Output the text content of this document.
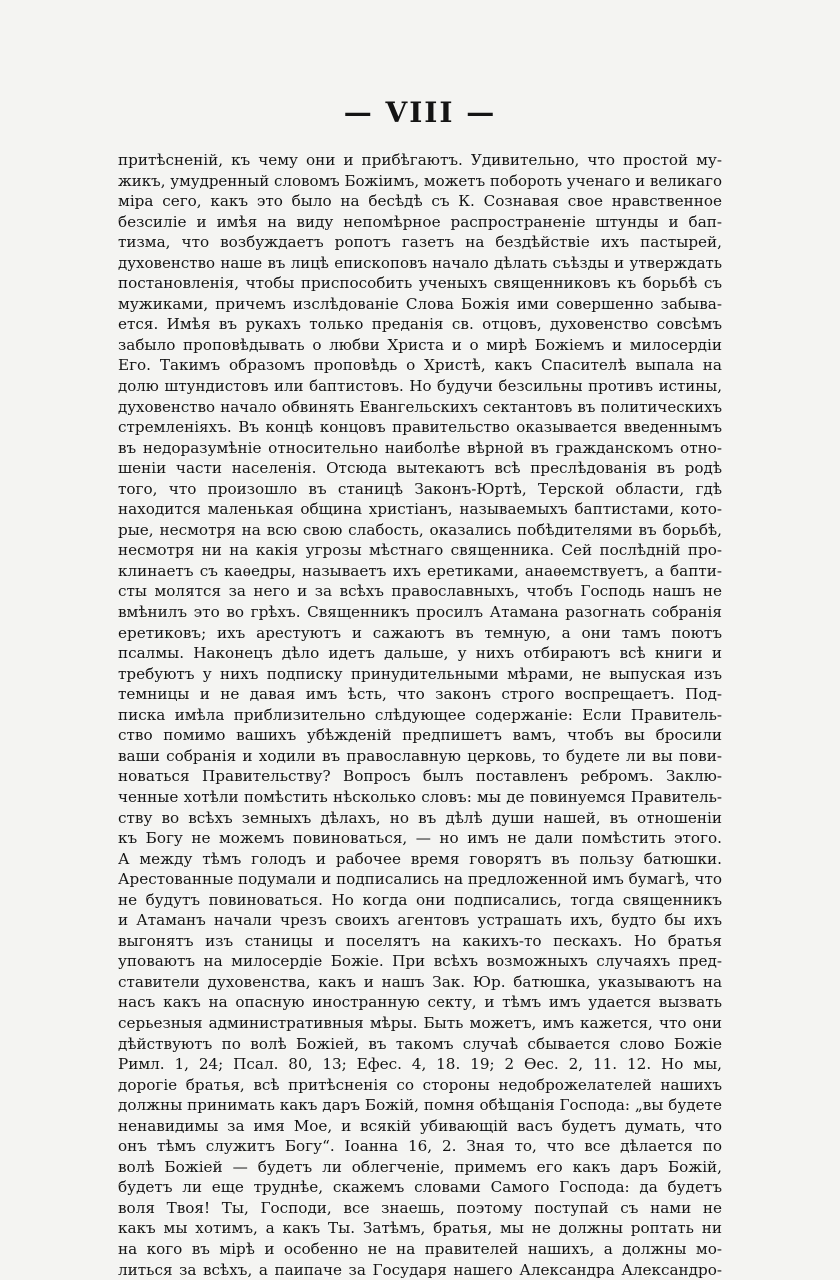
— VIII —
притѣсненій, къ чему они и прибѣгаютъ. Удивительно, что простой му-
жикъ, умудренный словомъ Божіимъ, можетъ побороть ученаго и великаго
міра сего, какъ это было на бесѣдѣ съ К. Сознавая свое нравственное
безсиліе и имѣя на виду непомѣрное распространеніе штунды и бап-
тизма, что возбуждаетъ ропотъ газетъ на бездѣйствіе ихъ пастырей,
духовенство наше въ лицѣ епископовъ начало дѣлать съѣзды и утверждать
постановленія, чтобы приспособить ученыхъ священниковъ къ борьбѣ съ
мужиками, причемъ изслѣдованіе Слова Божія ими совершенно забыва-
ется. Имѣя въ рукахъ только преданія св. отцовъ, духовенство совсѣмъ
забыло проповѣдывать о любви Христа и о мирѣ Божіемъ и милосердіи
Его. Такимъ образомъ проповѣдь о Христѣ, какъ Спасителѣ выпала на
долю штундистовъ или баптистовъ. Но будучи безсильны противъ истины,
духовенство начало обвинять Евангельскихъ сектантовъ въ политическихъ
стремленіяхъ. Въ концѣ концовъ правительство оказывается введеннымъ
въ недоразумѣніе относительно наиболѣе вѣрной въ гражданскомъ отно-
шеніи части населенія. Отсюда вытекаютъ всѣ преслѣдованія въ родѣ
того, что произошло въ станицѣ Законъ-Юртѣ, Терской области, гдѣ
находится маленькая община христіанъ, называемыхъ баптистами, кото-
рые, несмотря на всю свою слабость, оказались побѣдителями въ борьбѣ,
несмотря ни на какія угрозы мѣстнаго священника. Сей послѣдній про-
клинаетъ съ каѳедры, называетъ ихъ еретиками, анаѳемствуетъ, а бапти-
сты молятся за него и за всѣхъ православныхъ, чтобъ Господь нашъ не
вмѣнилъ это во грѣхъ. Священникъ просилъ Атамана разогнать собранія
еретиковъ; ихъ арестуютъ и сажаютъ въ темную, а они тамъ поютъ
псалмы. Наконецъ дѣло идетъ дальше, у нихъ отбираютъ всѣ книги и
требуютъ у нихъ подписку принудительными мѣрами, не выпуская изъ
темницы и не давая имъ ѣсть, что законъ строго воспрещаетъ. Под-
писка имѣла приблизительно слѣдующее содержаніе: Если Правитель-
ство помимо вашихъ убѣжденій предпишетъ вамъ, чтобъ вы бросили
ваши собранія и ходили въ православную церковь, то будете ли вы пови-
новаться Правительству? Вопросъ былъ поставленъ ребромъ. Заклю-
ченные хотѣли помѣстить нѣсколько словъ: мы де повинуемся Правитель-
ству во всѣхъ земныхъ дѣлахъ, но въ дѣлѣ души нашей, въ отношеніи
къ Богу не можемъ повиноваться, — но имъ не дали помѣстить этого.
А между тѣмъ голодъ и рабочее время говорятъ въ пользу батюшки.
Арестованные подумали и подписались на предложенной имъ бумагѣ, что
не будутъ повиноваться. Но когда они подписались, тогда священникъ
и Атаманъ начали чрезъ своихъ агентовъ устрашать ихъ, будто бы ихъ
выгонятъ изъ станицы и поселятъ на какихъ-то пескахъ. Но братья
уповаютъ на милосердіе Божіе. При всѣхъ возможныхъ случаяхъ пред-
ставители духовенства, какъ и нашъ Зак. Юр. батюшка, указываютъ на
насъ какъ на опасную иностранную секту, и тѣмъ имъ удается вызвать
серьезныя административныя мѣры. Быть можетъ, имъ кажется, что они
дѣйствуютъ по волѣ Божіей, въ такомъ случаѣ сбывается слово Божіе
Римл. 1, 24; Псал. 80, 13; Ефес. 4, 18. 19; 2 Ѳес. 2, 11. 12. Но мы,
дорогіе братья, всѣ притѣсненія со стороны недоброжелателей нашихъ
должны принимать какъ даръ Божій, помня обѣщанія Господа: „вы будете
ненавидимы за имя Мое, и всякій убивающій васъ будетъ думать, что
онъ тѣмъ служитъ Богу“. Іоанна 16, 2. Зная то, что все дѣлается по
волѣ Божіей — будетъ ли облегченіе, примемъ его какъ даръ Божій,
будетъ ли еще труднѣе, скажемъ словами Самого Господа: да будетъ
воля Твоя! Ты, Господи, все знаешь, поэтому поступай съ нами не
какъ мы хотимъ, а какъ Ты. Затѣмъ, братья, мы не должны роптать ни
на кого въ мірѣ и особенно не на правителей нашихъ, а должны мо-
литься за всѣхъ, а паипаче за Государя нашего Александра Александро-
